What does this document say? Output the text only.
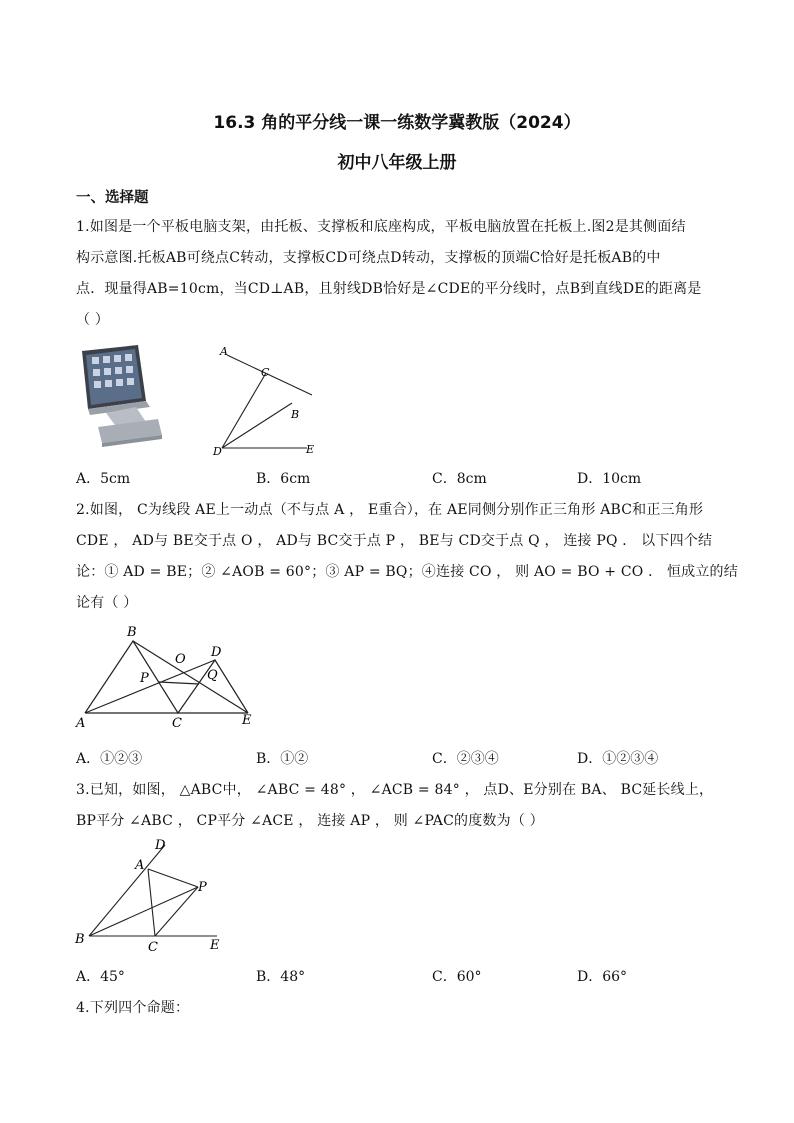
16.3 角的平分线一课一练数学冀教版（2024）
初中八年级上册
一、选择题
1.如图是一个平板电脑支架，由托板、支撑板和底座构成，平板电脑放置在托板上.图2是其侧面结
构示意图.托板AB可绕点C转动，支撑板CD可绕点D转动，支撑板的顶端C恰好是托板AB的中
点．现量得AB=10cm，当CD⊥AB，且射线DB恰好是∠CDE的平分线时，点B到直线DE的距离是
（ ）
A
C
B
D	E
A．5cm	B．6cm	C．8cm	D．10cm
2.如图， C为线段 AE上一动点（不与点 A ， E重合），在 AE同侧分别作正三角形 ABC和正三角形
CDE ， AD与 BE交于点 O ， AD与 BC交于点 P ， BE与 CD交于点 Q ， 连接 PQ ． 以下四个结
论：① AD = BE；② ∠AOB = 60°；③ AP = BQ；④连接 CO ， 则 AO = BO + CO ． 恒成立的结
论有（ ）
B
O D
P	Q
A	C	E
A．①②③	B．①②	C．②③④	D．①②③④
3.已知，如图， △ABC中， ∠ABC = 48° ， ∠ACB = 84° ， 点D、E分别在 BA、 BC延长线上，
BP平分 ∠ABC ， CP平分 ∠ACE ， 连接 AP ， 则 ∠PAC的度数为（ ）
D
A
P
B
C	E
A．45°	B．48°	C．60°	D．66°
4.下列四个命题：
